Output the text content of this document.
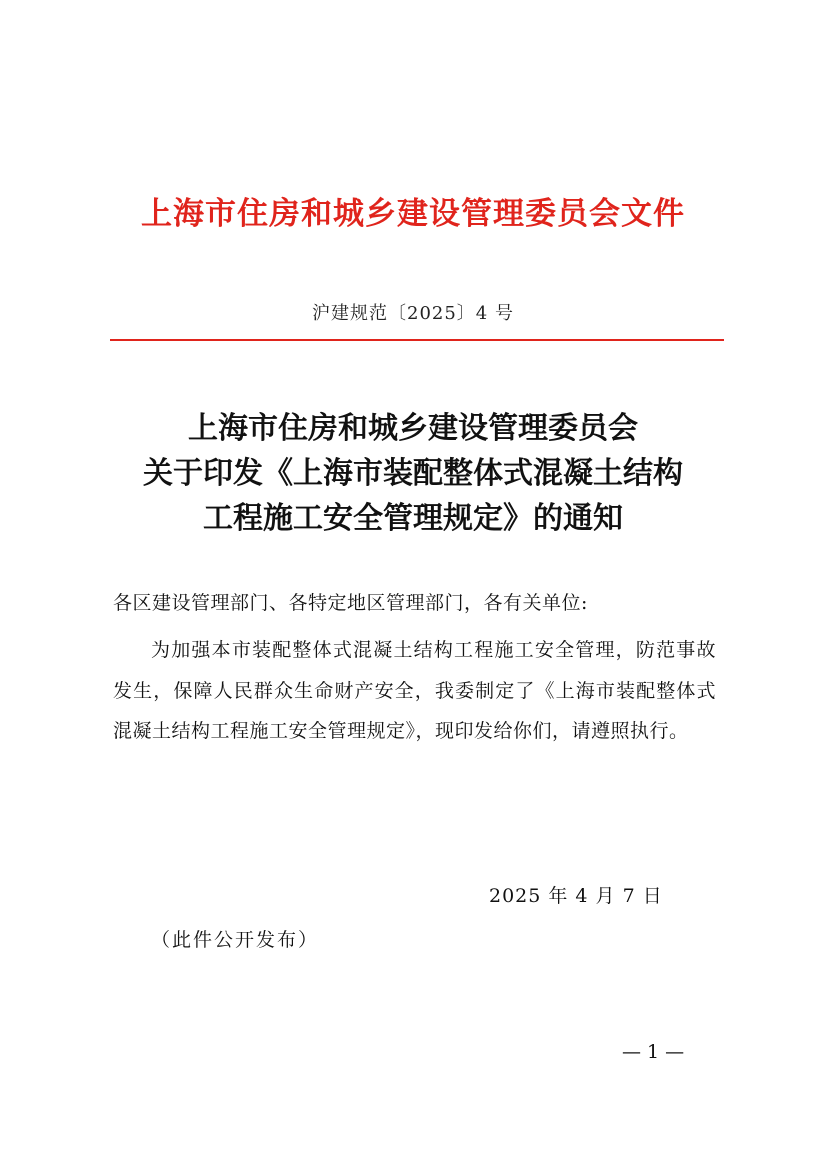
上海市住房和城乡建设管理委员会文件

沪建规范〔2025〕4 号

上海市住房和城乡建设管理委员会
关于印发《上海市装配整体式混凝土结构
工程施工安全管理规定》的通知

各区建设管理部门、各特定地区管理部门，各有关单位:

为加强本市装配整体式混凝土结构工程施工安全管理，防范事故发生，保障人民群众生命财产安全，我委制定了《上海市装配整体式混凝土结构工程施工安全管理规定》，现印发给你们，请遵照执行。

2025 年 4 月 7 日

（此件公开发布）

— 1 —
